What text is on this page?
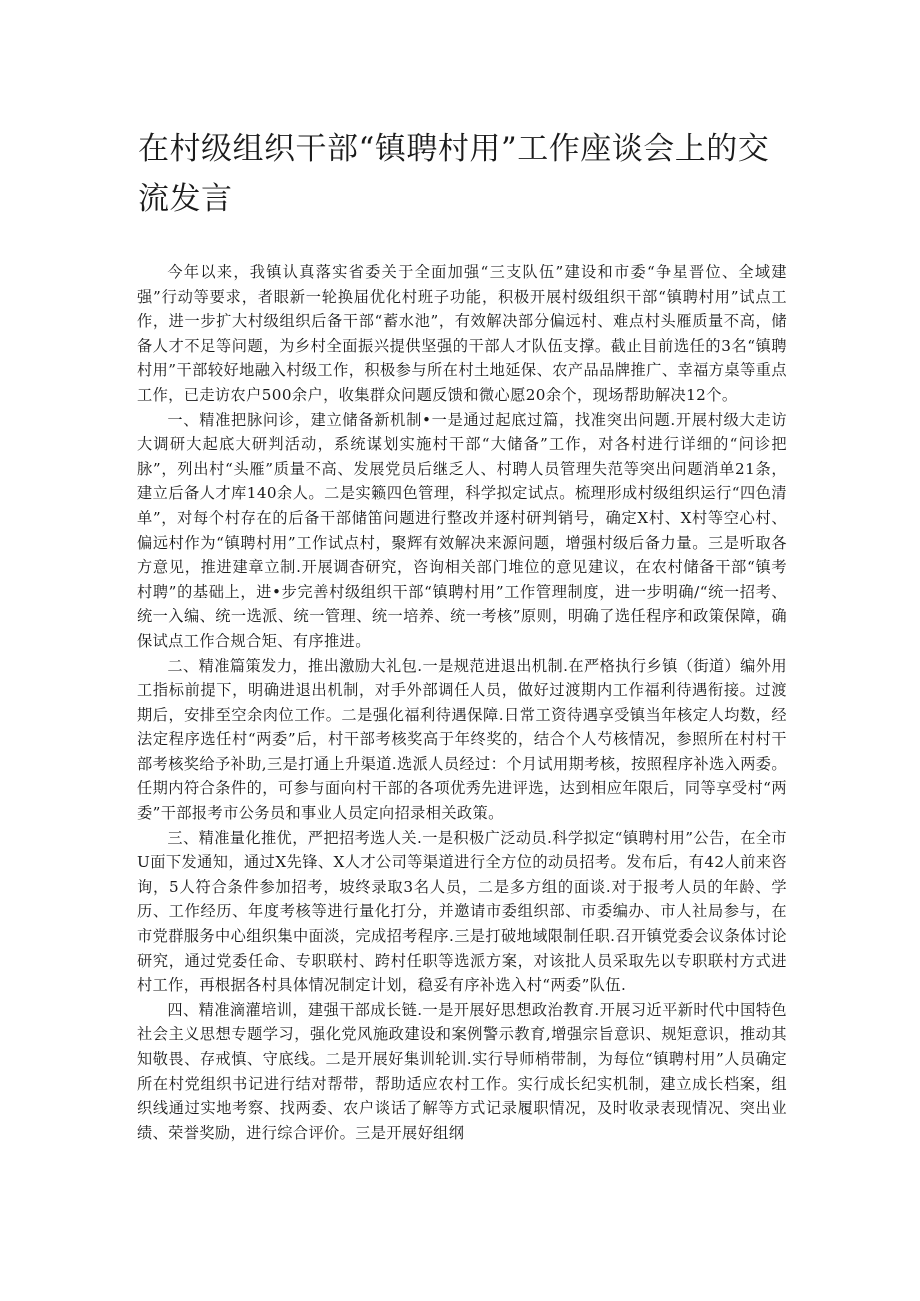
在村级组织干部“镇聘村用”工作座谈会上的交流发言

今年以来，我镇认真落实省委关于全面加强“三支队伍”建设和市委“争星晋位、全域建强”行动等要求，者眼新一轮换届优化村班子功能，积极开展村级组织干部“镇聘村用”试点工作，进一步扩大村级组织后备干部“蓄水池”，有效解决部分偏远村、难点村头雁质量不高，储备人才不足等问题，为乡村全面振兴提供坚强的干部人才队伍支撑。截止目前选任的3名“镇聘村用”干部较好地融入村级工作，积极参与所在村土地延保、农产品品牌推广、幸福方桌等重点工作，已走访农户500余户，收集群众问题反馈和微心愿20余个，现场帮助解决12个。

一、精准把脉问诊，建立储备新机制•一是通过起底过篇，找准突出问题.开展村级大走访大调研大起底大研判活动，系统谋划实施村干部“大储备”工作，对各村进行详细的“问诊把脉”，列出村“头雁”质量不高、发展党员后继乏人、村聘人员管理失范等突出问题消单21条，建立后备人才库140余人。二是实籁四色管理，科学拟定试点。梳理形成村级组织运行“四色清单”，对每个村存在的后备干部储笛问题进行整改并逐村研判销号，确定X村、X村等空心村、偏远村作为“镇聘村用”工作试点村，聚辉有效解决来源问题，增强村级后备力量。三是听取各方意见，推进建章立制.开展调杳研究，咨询相关部门堆位的意见建议，在农村储备干部“镇考村聘”的基础上，进•步完善村级组织干部“镇聘村用”工作管理制度，进一步明确/“统一招考、统一入编、统一选派、统一管理、统一培养、统一考核”原则，明确了选任程序和政策保障，确保试点工作合规合矩、有序推进。

二、精准篇策发力，推出激励大礼包.一是规范进退出机制.在严格执行乡镇（街道）编外用工指标前提下，明确进退出机制，对手外部调任人员，做好过渡期内工作福利待遇衔接。过渡期后，安排至空余肉位工作。二是强化福利待遇保障.日常工资待遇享受镇当年核定人均数，经法定程序选任村“两委”后，村干部考核奖高于年终奖的，结合个人芍核情况，参照所在村村干部考核奖给予补助,三是打通上升渠道.选派人员经过：个月试用期考核，按照程序补选入两委。任期内符合条件的，可参与面向村干部的各项优秀先进评选，达到相应年限后，同等享受村“两委”干部报考市公务员和事业人员定向招录相关政策。

三、精准量化推优，严把招考选人关.一是积极广泛动员.科学拟定“镇聘村用”公告，在全市U面下发通知，通过X先锋、X人才公司等渠道进行全方位的动员招考。发布后，有42人前来咨询，5人符合条件参加招考，坡终录取3名人员，二是多方组的面谈.对于报考人员的年龄、学历、工作经历、年度考核等进行量化打分，并邀请市委组织部、市委编办、市人社局参与，在市党群服务中心组织集中面淡，完成招考程序.三是打破地域限制任职.召开镇党委会议条体讨论研究，通过党委任命、专职联村、跨村任职等选派方案，对该批人员采取先以专职联村方式进村工作，再根据各村具体情况制定计划，稳妥有序补选入村“两委”队伍.

四、精准滴灌培训，建强干部成长链.一是开展好思想政治教育.开展习近平新时代中国特色社会主义思想专题学习，强化党风施政建设和案例警示教育,增强宗旨意识、规矩意识，推动其知敬畏、存戒慎、守底线。二是开展好集训轮训.实行导师梢带制，为每位“镇聘村用”人员确定所在村党组织书记进行结对帮带，帮助适应农村工作。实行成长纪实机制，建立成长档案，组织线通过实地考察、找两委、农户谈话了解等方式记录履职情况，及时收录表现情况、突出业绩、荣誉奖励，进行综合评价。三是开展好组纲
